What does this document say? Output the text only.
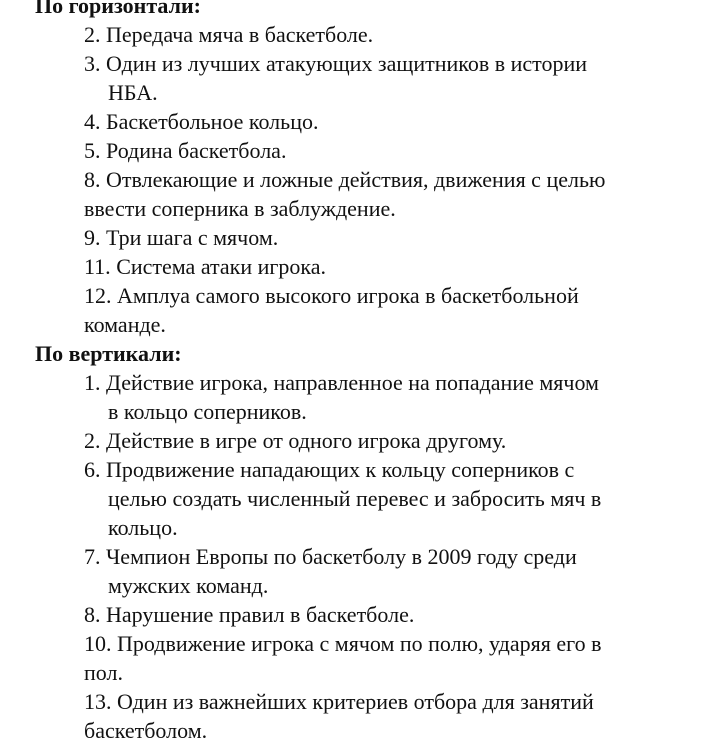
По горизонтали:
2. Передача мяча в баскетболе.
3. Один из лучших атакующих защитников в истории
НБА.
4. Баскетбольное кольцо.
5. Родина баскетбола.
8. Отвлекающие и ложные действия, движения с целью
ввести соперника в заблуждение.
9. Три шага с мячом.
11. Система атаки игрока.
12. Амплуа самого высокого игрока в баскетбольной
команде.
По вертикали:
1. Действие игрока, направленное на попадание мячом
в кольцо соперников.
2. Действие в игре от одного игрока другому.
6. Продвижение нападающих к кольцу соперников с
целью создать численный перевес и забросить мяч в
кольцо.
7. Чемпион Европы по баскетболу в 2009 году среди
мужских команд.
8. Нарушение правил в баскетболе.
10. Продвижение игрока с мячом по полю, ударяя его в
пол.
13. Один из важнейших критериев отбора для занятий
баскетболом.
